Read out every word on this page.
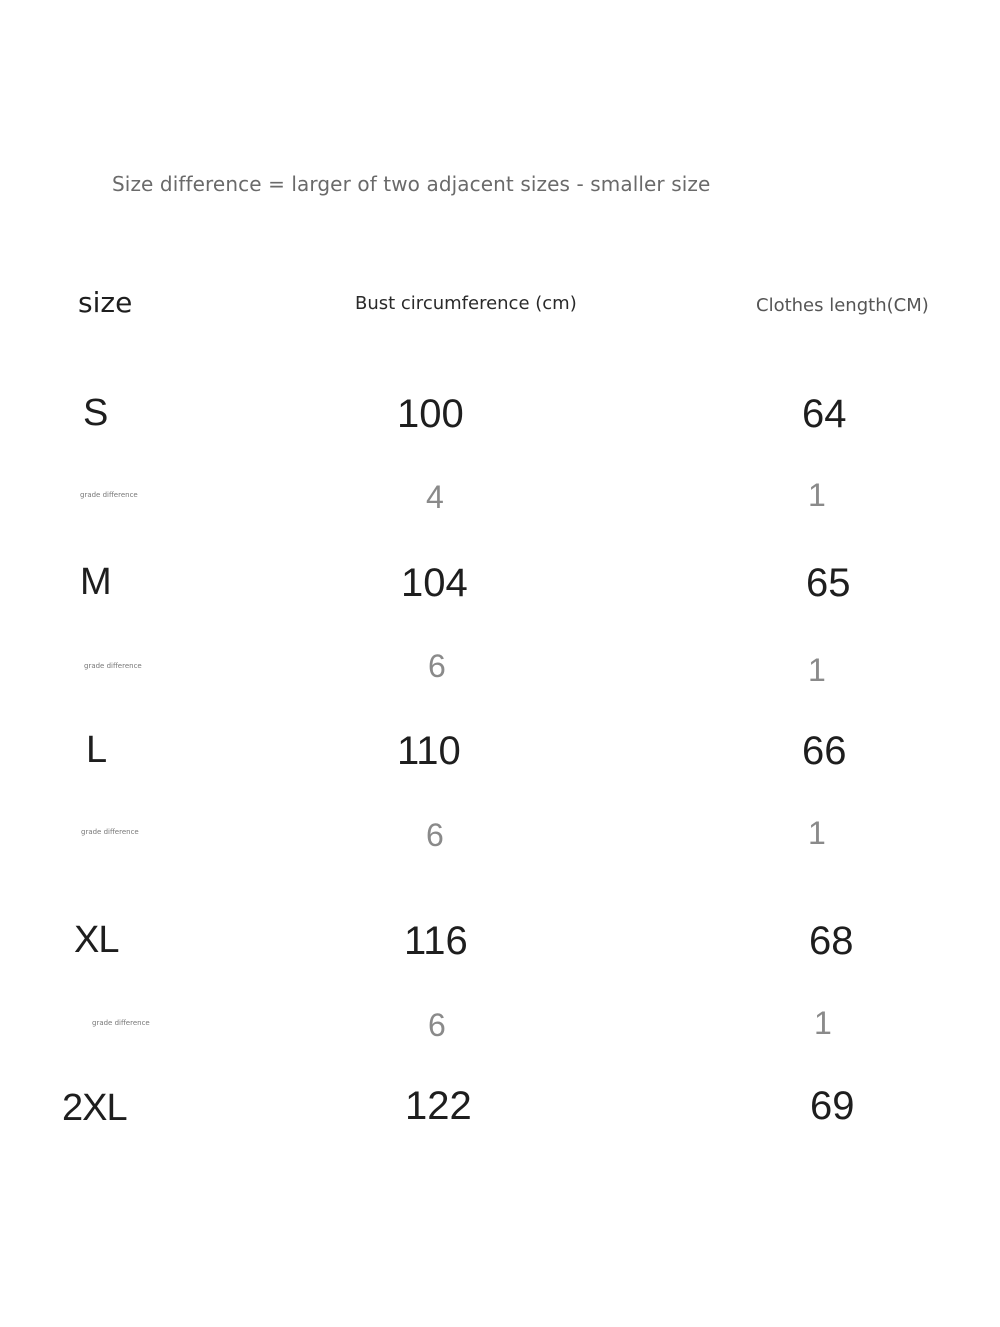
Size difference = larger of two adjacent sizes - smaller size
size	Bust circumference (cm)	Clothes length(CM)
S	100	64
grade difference	4	1
M	104	65
grade difference	6	1
L	110	66
grade difference	6	1
XL	116	68
grade difference	6	1
2XL	122	69
